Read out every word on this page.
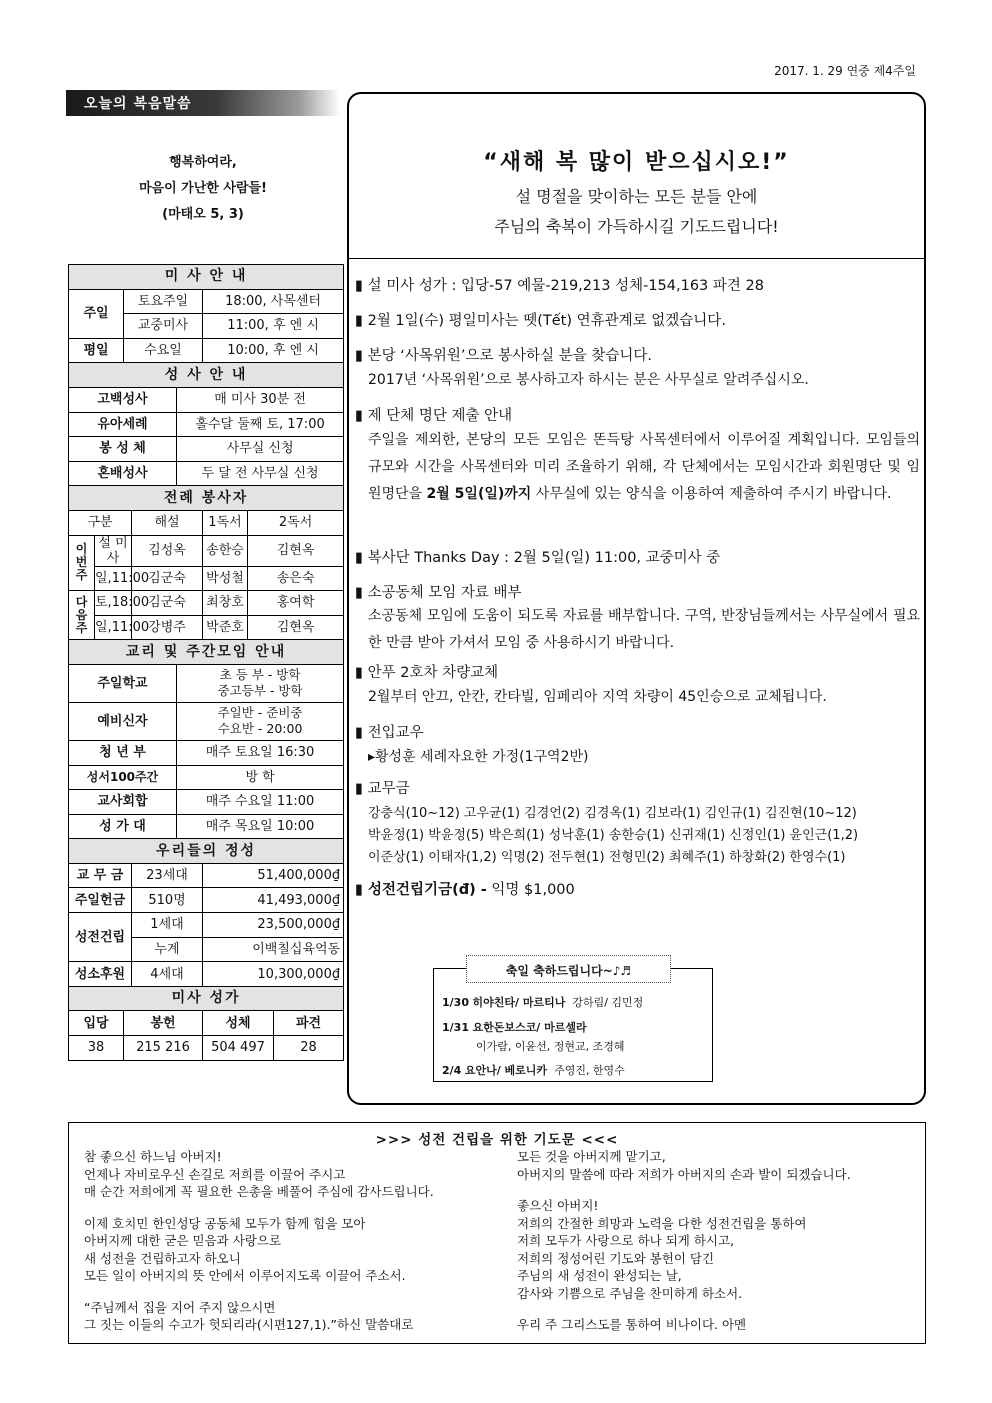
2017. 1. 29 연중 제4주일
오늘의 복음말씀
행복하여라,
마음이 가난한 사람들!
(마태오 5, 3)
미 사 안 내							
주일		토요주일			18:00, 사목센터		
		교중미사			11:00, 후 엔 시		
평일		수요일			10:00, 후 엔 시		
성 사 안 내							
고백성사				매 미사 30분 전			
유아세례				홀수달 둘째 토, 17:00			
봉 성 체				사무실 신청			
혼배성사				두 달 전 사무실 신청			
전례 봉사자							
구분			해설		1독서	2독서	
이번주	설 미사		김성옥		송한승	김현옥	
	일,11:00		김군숙		박성철	송은숙	
다음주	토,18:00		김군숙		최창호	홍여학	
	일,11:00		강병주		박준호	김현옥	
교리 및 주간모임 안내							
주일학교				초 등 부 - 방학
중고등부 - 방학			

예비신자				주일반 - 준비중
수요반 - 20:00			

청 년 부				매주 토요일 16:30			
성서100주간				방 학			
교사회합				매주 수요일 11:00			
성 가 대				매주 목요일 10:00			
우리들의 정성							
교 무 금			23세대		51,400,000₫		
주일헌금			510명		41,493,000₫		
성전건립			1세대		23,500,000₫		
			누계		이백칠십육억동		
성소후원			4세대		10,300,000₫		
미사 성가							
입당		봉헌			성체		파견
38		215 216			504 497		28
“새해 복 많이 받으십시오!”
설 명절을 맞이하는 모든 분들 안에
주님의 축복이 가득하시길 기도드립니다!
▮ 설 미사 성가 : 입당-57 예물-219,213 성체-154,163 파견 28
▮ 2월 1일(수) 평일미사는 뗏(Tết) 연휴관계로 없겠습니다.
▮ 본당 ‘사목위원’으로 봉사하실 분을 찾습니다.
2017년 ‘사목위원’으로 봉사하고자 하시는 분은 사무실로 알려주십시오.
▮ 제 단체 명단 제출 안내
주일을 제외한, 본당의 모든 모임은 똔득탕 사목센터에서 이루어질 계획입니다. 모임들의 규모와 시간을 사목센터와 미리 조율하기 위해, 각 단체에서는 모임시간과 회원명단 및 임원명단을 2월 5일(일)까지 사무실에 있는 양식을 이용하여 제출하여 주시기 바랍니다.
▮ 복사단 Thanks Day : 2월 5일(일) 11:00, 교중미사 중
▮ 소공동체 모임 자료 배부
소공동체 모임에 도움이 되도록 자료를 배부합니다. 구역, 반장님들께서는 사무실에서 필요한 만큼 받아 가셔서 모임 중 사용하시기 바랍니다.
▮ 안푸 2호차 차량교체
2월부터 안끄, 안칸, 칸타빌, 임페리아 지역 차량이 45인승으로 교체됩니다.
▮ 전입교우
▸황성훈 세례자요한 가정(1구역2반)
▮ 교무금
강충식(10~12) 고우균(1) 김경언(2) 김경옥(1) 김보라(1) 김인규(1) 김진현(10~12)
박윤정(1) 박윤정(5) 박은희(1) 성낙훈(1) 송한승(1) 신귀재(1) 신정인(1) 윤인근(1,2)
이준상(1) 이태자(1,2) 익명(2) 전두현(1) 전형민(2) 최혜주(1) 하창화(2) 한영수(1)
▮ 성전건립기금(đ) - 익명 $1,000
축일 축하드립니다~♪♬
1/30 히야친타/ 마르티나 강하림/ 김민정
1/31 요한돈보스코/ 마르셀라
이가람, 이윤선, 정현교, 조경혜
2/4 요안나/ 베로니카 주영진, 한영수
>>> 성전 건립을 위한 기도문 <<<
참 좋으신 하느님 아버지!
언제나 자비로우신 손길로 저희를 이끌어 주시고
매 순간 저희에게 꼭 필요한 은총을 베풀어 주심에 감사드립니다.
이제 호치민 한인성당 공동체 모두가 함께 힘을 모아
아버지께 대한 굳은 믿음과 사랑으로
새 성전을 건립하고자 하오니
모든 일이 아버지의 뜻 안에서 이루어지도록 이끌어 주소서.
“주님께서 집을 지어 주지 않으시면
그 짓는 이들의 수고가 헛되리라(시편127,1).”하신 말씀대로
모든 것을 아버지께 맡기고,
아버지의 말씀에 따라 저희가 아버지의 손과 발이 되겠습니다.
좋으신 아버지!
저희의 간절한 희망과 노력을 다한 성전건립을 통하여
저희 모두가 사랑으로 하나 되게 하시고,
저희의 정성어린 기도와 봉헌이 담긴
주님의 새 성전이 완성되는 날,
감사와 기쁨으로 주님을 찬미하게 하소서.
우리 주 그리스도를 통하여 비나이다. 아멘
